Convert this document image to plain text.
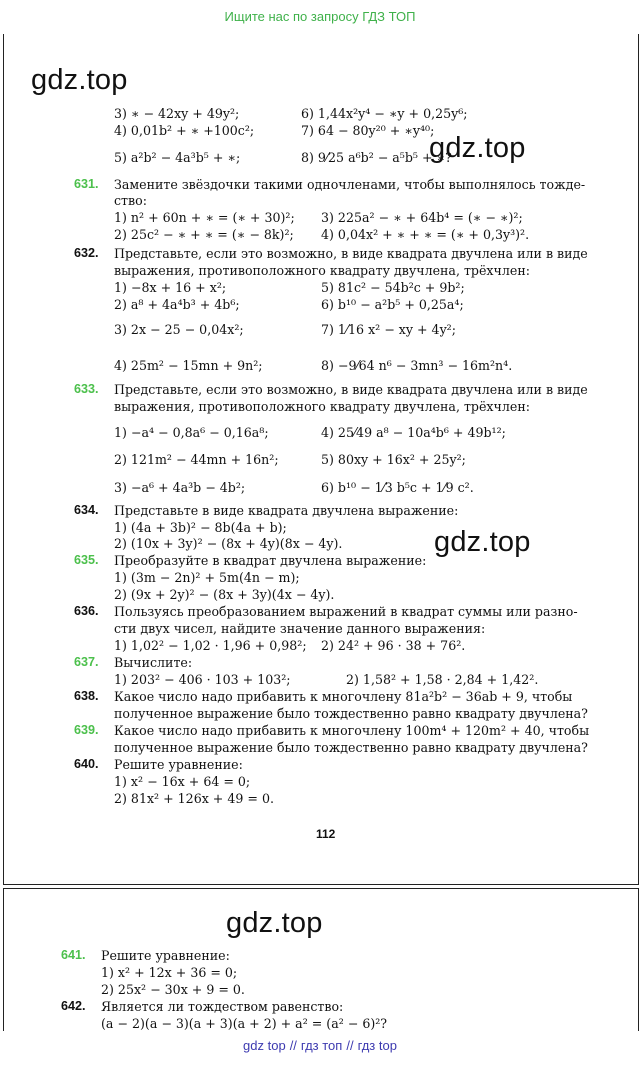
Ищите нас по запросу ГДЗ ТОП
gdz.top
gdz.top
gdz.top
3) ∗ − 42xy + 49y²;	6) 1,44x²y⁴ − ∗y + 0,25y⁶;
4) 0,01b² + ∗ +100c²;	7) 64 − 80y²⁰ + ∗y⁴⁰;
5) a²b² − 4a³b⁵ + ∗;	8) 9⁄25 a⁶b² − a⁵b⁵ + ∗?
631. Замените звёздочки такими одночленами, чтобы выполнялось тожде-
ство:
1) n² + 60n + ∗ = (∗ + 30)²; 3) 225a² − ∗ + 64b⁴ = (∗ − ∗)²;
2) 25c² − ∗ + ∗ = (∗ − 8k)²; 4) 0,04x² + ∗ + ∗ = (∗ + 0,3y³)².
632. Представьте, если это возможно, в виде квадрата двучлена или в виде
выражения, противоположного квадрату двучлена, трёхчлен:
1) −8x + 16 + x²;	5) 81c² − 54b²c + 9b²;
2) a⁸ + 4a⁴b³ + 4b⁶;	6) b¹⁰ − a²b⁵ + 0,25a⁴;
3) 2x − 25 − 0,04x²;	7) 1⁄16 x² − xy + 4y²;
4) 25m² − 15mn + 9n²;	8) −9⁄64 n⁶ − 3mn³ − 16m²n⁴.
633. Представьте, если это возможно, в виде квадрата двучлена или в виде
выражения, противоположного квадрату двучлена, трёхчлен:
1) −a⁴ − 0,8a⁶ − 0,16a⁸;	4) 25⁄49 a⁸ − 10a⁴b⁶ + 49b¹²;
2) 121m² − 44mn + 16n²;	5) 80xy + 16x² + 25y²;
3) −a⁶ + 4a³b − 4b²;	6) b¹⁰ − 1⁄3 b⁵c + 1⁄9 c².
634. Представьте в виде квадрата двучлена выражение:
1) (4a + 3b)² − 8b(4a + b);
2) (10x + 3y)² − (8x + 4y)(8x − 4y).
635. Преобразуйте в квадрат двучлена выражение:
1) (3m − 2n)² + 5m(4n − m);
2) (9x + 2y)² − (8x + 3y)(4x − 4y).
636. Пользуясь преобразованием выражений в квадрат суммы или разно-
сти двух чисел, найдите значение данного выражения:
1) 1,02² − 1,02 · 1,96 + 0,98²; 2) 24² + 96 · 38 + 76².
637. Вычислите:
1) 203² − 406 · 103 + 103²;	2) 1,58² + 1,58 · 2,84 + 1,42².
638. Какое число надо прибавить к многочлену 81a²b² − 36ab + 9, чтобы
полученное выражение было тождественно равно квадрату двучлена?
639. Какое число надо прибавить к многочлену 100m⁴ + 120m² + 40, чтобы
полученное выражение было тождественно равно квадрату двучлена?
640. Решите уравнение:
1) x² − 16x + 64 = 0;
2) 81x² + 126x + 49 = 0.
112
gdz.top
641. Решите уравнение:
1) x² + 12x + 36 = 0;
2) 25x² − 30x + 9 = 0.
642. Является ли тождеством равенство:
(a − 2)(a − 3)(a + 3)(a + 2) + a² = (a² − 6)²?
gdz top // гдз топ // гдз top
